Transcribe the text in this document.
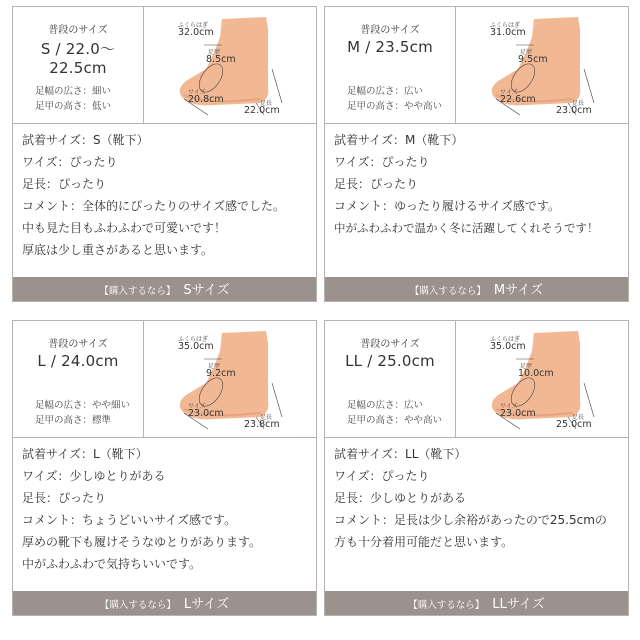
普段のサイズ
S / 22.0〜22.5cm
足幅の広さ：細い
足甲の高さ：低い
ふくらはぎ
32.0cm
足甲
8.5cm
ワイズ
20.8cm	足長
22.0cm
試着サイズ：S（靴下）
ワイズ：ぴったり
足長：ぴったり
コメント：全体的にぴったりのサイズ感でした。
中も見た目もふわふわで可愛いです！
厚底は少し重さがあると思います。
【購入するなら】 Sサイズ
普段のサイズ
M / 23.5cm
足幅の広さ：広い
足甲の高さ：やや高い
ふくらはぎ
31.0cm
足甲
9.5cm
ワイズ
22.6cm	足長
23.0cm
試着サイズ：M（靴下）
ワイズ：ぴったり
足長：ぴったり
コメント：ゆったり履けるサイズ感です。
中がふわふわで温かく冬に活躍してくれそうです！
【購入するなら】 Mサイズ
普段のサイズ
L / 24.0cm
足幅の広さ：やや細い
足甲の高さ：標準
ふくらはぎ
35.0cm
足甲
9.2cm
ワイズ
23.0cm	足長
23.8cm
試着サイズ：L（靴下）
ワイズ：少しゆとりがある
足長：ぴったり
コメント：ちょうどいいサイズ感です。
厚めの靴下も履けそうなゆとりがあります。
中がふわふわで気持ちいいです。
【購入するなら】 Lサイズ
普段のサイズ
LL / 25.0cm
足幅の広さ：広い
足甲の高さ：やや高い
ふくらはぎ
35.0cm
足甲
10.0cm
ワイズ
23.0cm	足長
25.0cm
試着サイズ：LL（靴下）
ワイズ：ぴったり
足長：少しゆとりがある
コメント：足長は少し余裕があったので25.5cmの
方も十分着用可能だと思います。
【購入するなら】 LLサイズ
